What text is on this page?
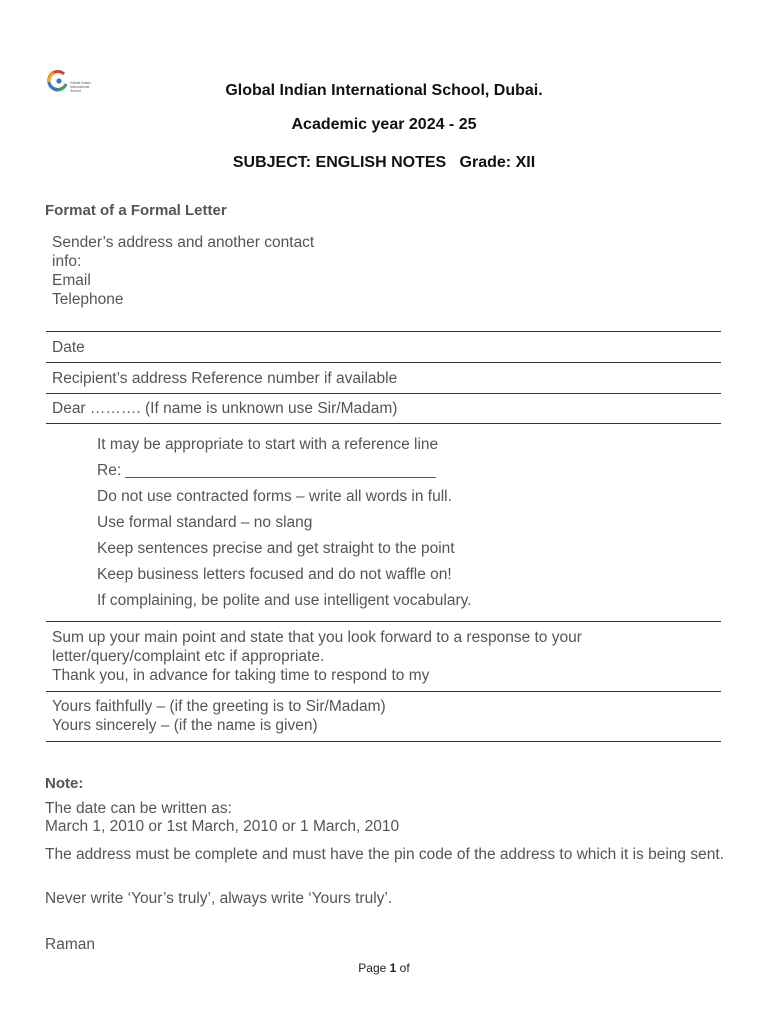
Global Indian
International
School	Global Indian International School, Dubai.
Academic year 2024 - 25
SUBJECT: ENGLISH NOTES   Grade: XII
Format of a Formal Letter
Sender’s address and another contact
info:
Email
Telephone
Date
Recipient’s address Reference number if available
Dear ………. (If name is unknown use Sir/Madam)
It may be appropriate to start with a reference line
Re: ____________________________________
Do not use contracted forms – write all words in full.
Use formal standard – no slang
Keep sentences precise and get straight to the point
Keep business letters focused and do not waffle on!
If complaining, be polite and use intelligent vocabulary.
Sum up your main point and state that you look forward to a response to your
letter/query/complaint etc if appropriate.
Thank you, in advance for taking time to respond to my
Yours faithfully – (if the greeting is to Sir/Madam)
Yours sincerely – (if the name is given)
Note:
The date can be written as:
March 1, 2010 or 1st March, 2010 or 1 March, 2010
The address must be complete and must have the pin code of the address to which it is being sent.
Never write ‘Your’s truly’, always write ‘Yours truly’.
Raman
Page 1 of
